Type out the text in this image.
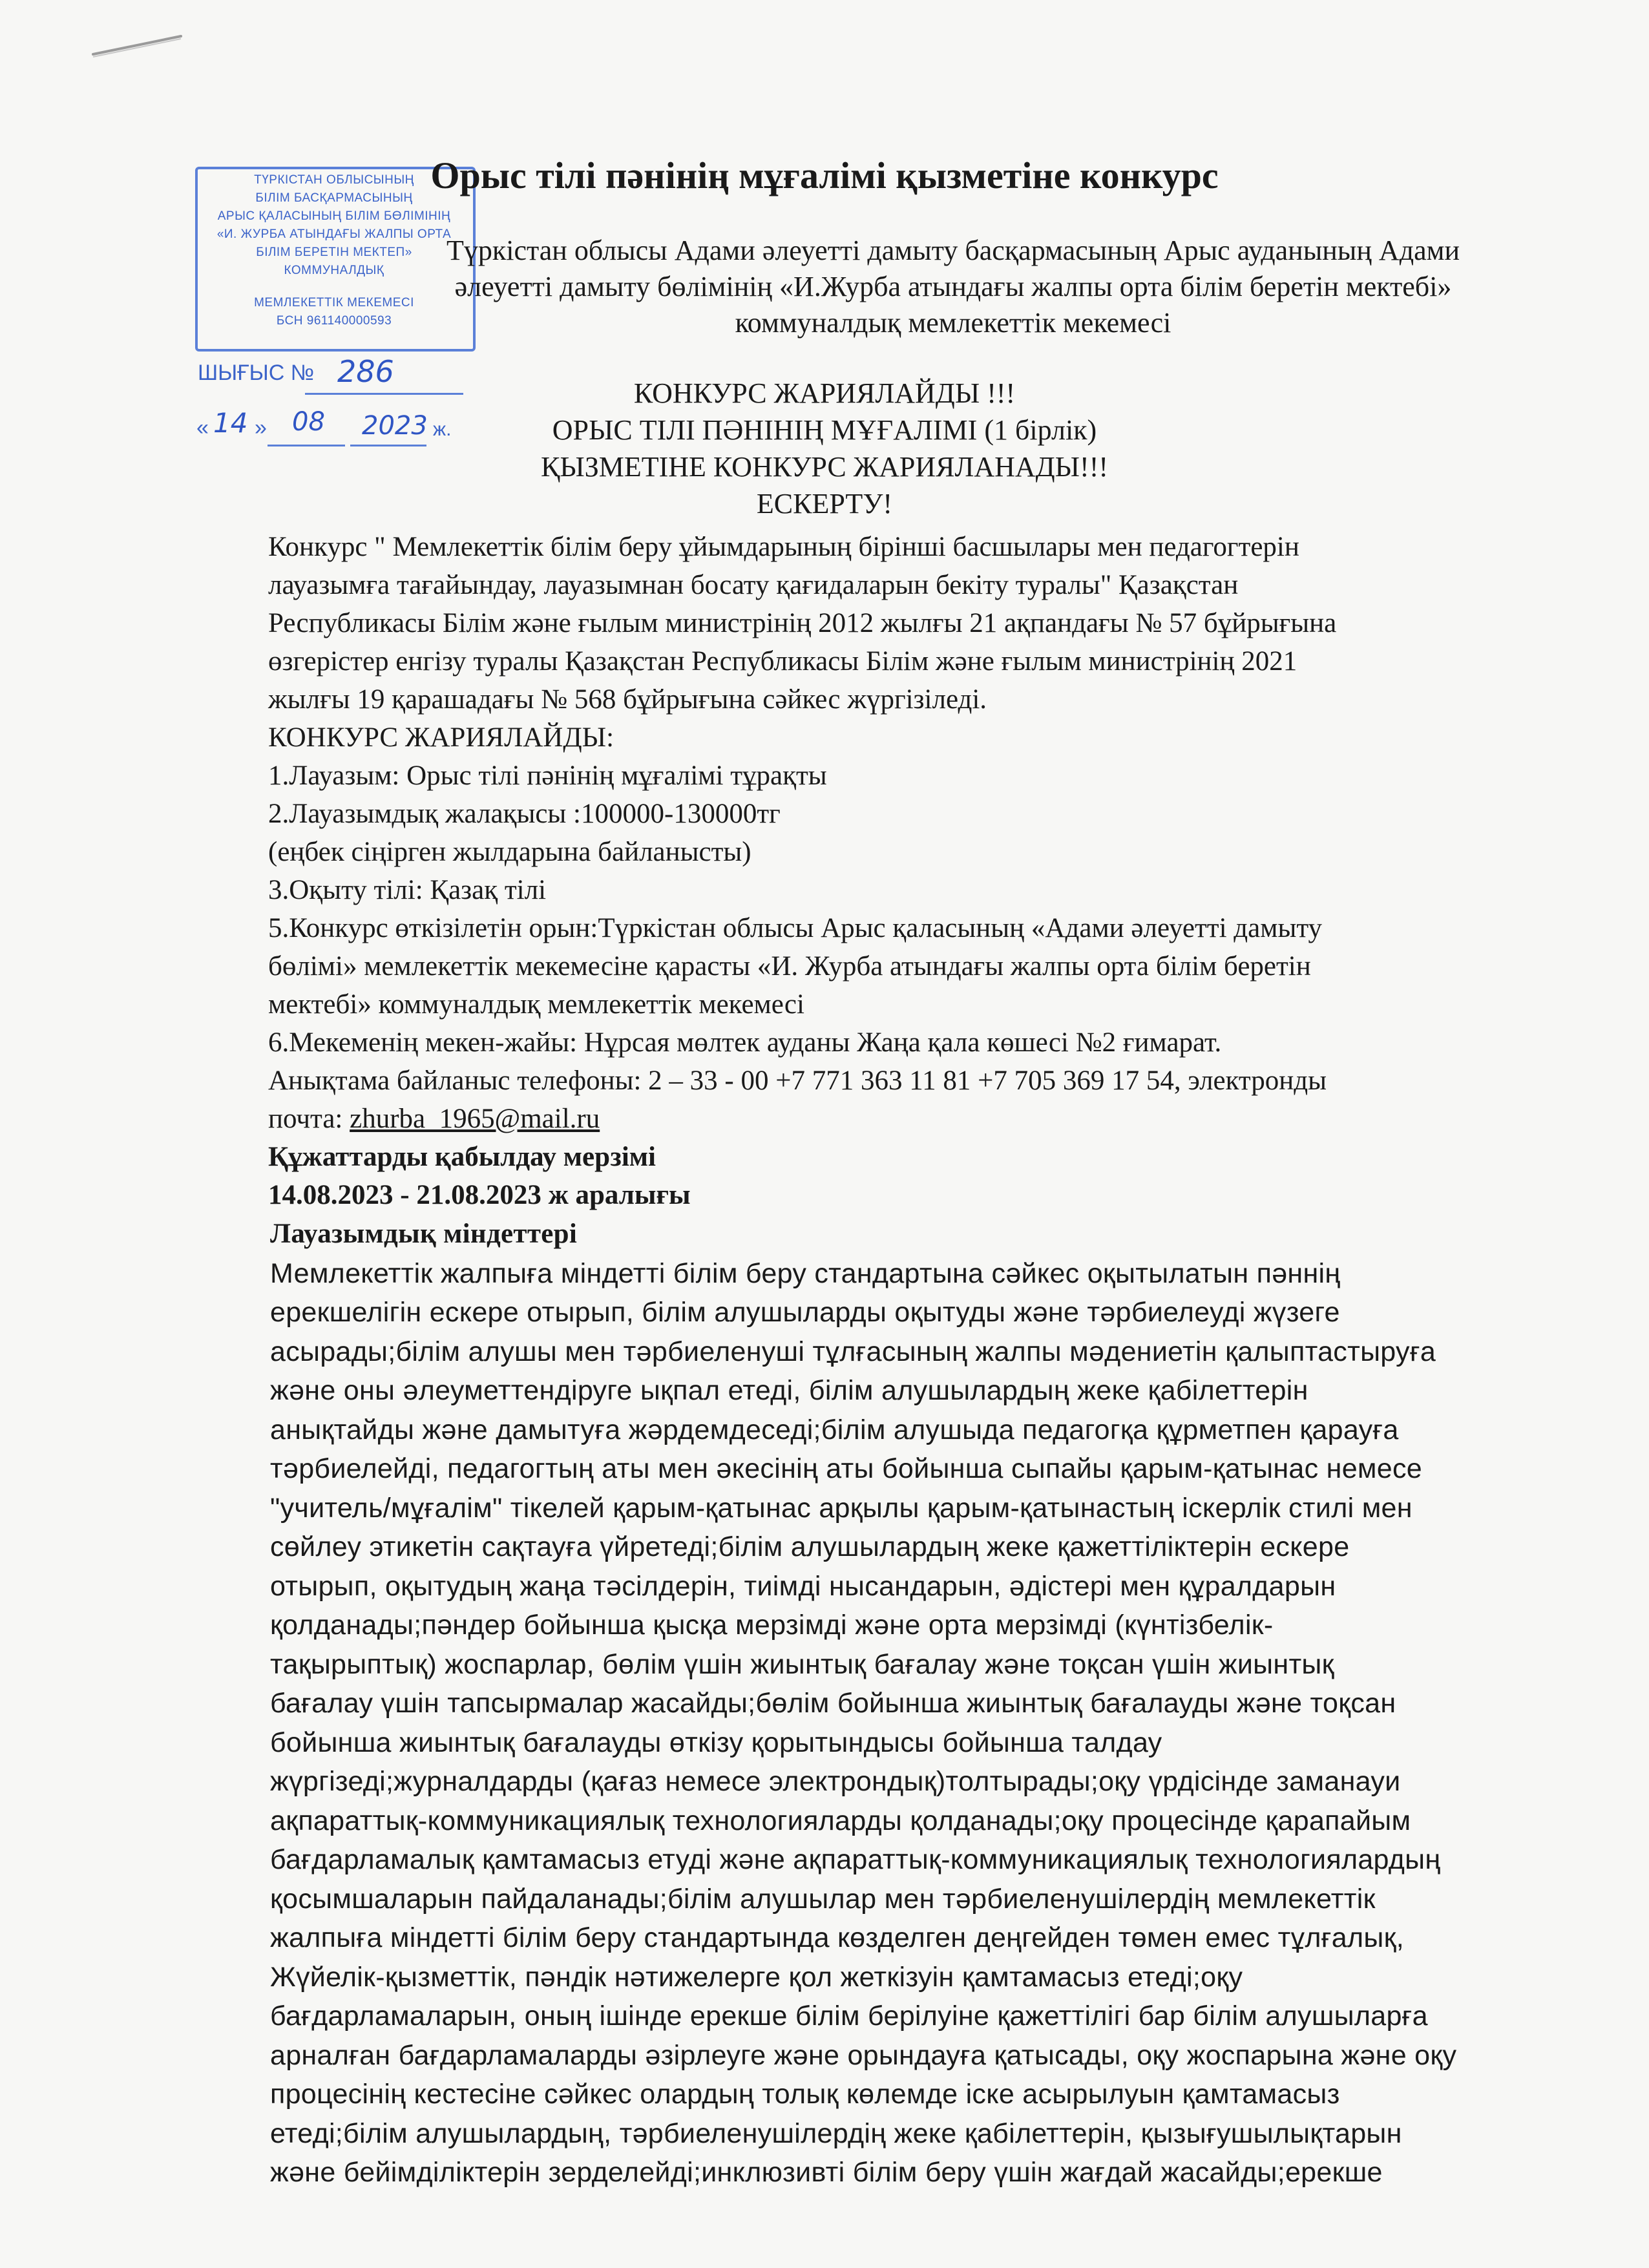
ТҮРКІСТАН ОБЛЫСЫНЫҢ
БІЛІМ БАСҚАРМАСЫНЫҢ
АРЫС ҚАЛАСЫНЫҢ БІЛІМ БӨЛІМІНІҢ
«И. ЖУРБА АТЫНДАҒЫ ЖАЛПЫ ОРТА
БІЛІМ БЕРЕТІН МЕКТЕП»
КОММУНАЛДЫҚ
МЕМЛЕКЕТТІК МЕКЕМЕСІ
БСН 961140000593
ШЫҒЫС № 286
« 14 » 08 2023 ж.
Орыс тілі пәнінің мұғалімі қызметіне конкурс
Түркістан облысы Адами әлеуетті дамыту басқармасының Арыс ауданының Адами
әлеуетті дамыту бөлімінің «И.Журба атындағы жалпы орта білім беретін мектебі»
коммуналдық мемлекеттік мекемесі
КОНКУРС ЖАРИЯЛАЙДЫ !!!
ОРЫС ТІЛІ ПӘНІНІҢ МҰҒАЛІМІ (1 бірлік)
ҚЫЗМЕТІНЕ КОНКУРС ЖАРИЯЛАНАДЫ!!!
ЕСКЕРТУ!
Конкурс " Мемлекеттік білім беру ұйымдарының бірінші басшылары мен педагогтерін
лауазымға тағайындау, лауазымнан босату қағидаларын бекіту туралы" Қазақстан
Республикасы Білім және ғылым министрінің 2012 жылғы 21 ақпандағы № 57 бұйрығына
өзгерістер енгізу туралы Қазақстан Республикасы Білім және ғылым министрінің 2021
жылғы 19 қарашадағы № 568 бұйрығына сәйкес жүргізіледі.
КОНКУРС ЖАРИЯЛАЙДЫ:
1.Лауазым: Орыс тілі пәнінің мұғалімі тұрақты
2.Лауазымдық жалақысы :100000-130000тг
(еңбек сіңірген жылдарына байланысты)
3.Оқыту тілі: Қазақ тілі
5.Конкурс өткізілетін орын:Түркістан облысы Арыс қаласының «Адами әлеуетті дамыту
бөлімі» мемлекеттік мекемесіне қарасты «И. Журба атындағы жалпы орта білім беретін
мектебі» коммуналдық мемлекеттік мекемесі
6.Мекеменің мекен-жайы: Нұрсая мөлтек ауданы Жаңа қала көшесі №2 ғимарат.
Анықтама байланыс телефоны: 2 – 33 - 00 +7 771 363 11 81 +7 705 369 17 54, электронды
почта: zhurba_1965@mail.ru
Құжаттарды қабылдау мерзімі
14.08.2023 - 21.08.2023 ж аралығы
Лауазымдық міндеттері
Мемлекеттік жалпыға міндетті білім беру стандартына сәйкес оқытылатын пәннің
ерекшелігін ескере отырып, білім алушыларды оқытуды және тәрбиелеуді жүзеге
асырады;білім алушы мен тәрбиеленуші тұлғасының жалпы мәдениетін қалыптастыруға
және оны әлеуметтендіруге ықпал етеді, білім алушылардың жеке қабілеттерін
анықтайды және дамытуға жәрдемдеседі;білім алушыда педагогқа құрметпен қарауға
тәрбиелейді, педагогтың аты мен әкесінің аты бойынша сыпайы қарым-қатынас немесе
"учитель/мұғалім" тікелей қарым-қатынас арқылы қарым-қатынастың іскерлік стилі мен
сөйлеу этикетін сақтауға үйретеді;білім алушылардың жеке қажеттіліктерін ескере
отырып, оқытудың жаңа тәсілдерін, тиімді нысандарын, әдістері мен құралдарын
қолданады;пәндер бойынша қысқа мерзімді және орта мерзімді (күнтізбелік-
тақырыптық) жоспарлар, бөлім үшін жиынтық бағалау және тоқсан үшін жиынтық
бағалау үшін тапсырмалар жасайды;бөлім бойынша жиынтық бағалауды және тоқсан
бойынша жиынтық бағалауды өткізу қорытындысы бойынша талдау
жүргізеді;журналдарды (қағаз немесе электрондық)толтырады;оқу үрдісінде заманауи
ақпараттық-коммуникациялық технологияларды қолданады;оқу процесінде қарапайым
бағдарламалық қамтамасыз етуді және ақпараттық-коммуникациялық технологиялардың
қосымшаларын пайдаланады;білім алушылар мен тәрбиеленушілердің мемлекеттік
жалпыға міндетті білім беру стандартында көзделген деңгейден төмен емес тұлғалық,
Жүйелік-қызметтік, пәндік нәтижелерге қол жеткізуін қамтамасыз етеді;оқу
бағдарламаларын, оның ішінде ерекше білім берілуіне қажеттілігі бар білім алушыларға
арналған бағдарламаларды әзірлеуге және орындауға қатысады, оқу жоспарына және оқу
процесінің кестесіне сәйкес олардың толық көлемде іске асырылуын қамтамасыз
етеді;білім алушылардың, тәрбиеленушілердің жеке қабілеттерін, қызығушылықтарын
және бейімділіктерін зерделейді;инклюзивті білім беру үшін жағдай жасайды;ерекше
